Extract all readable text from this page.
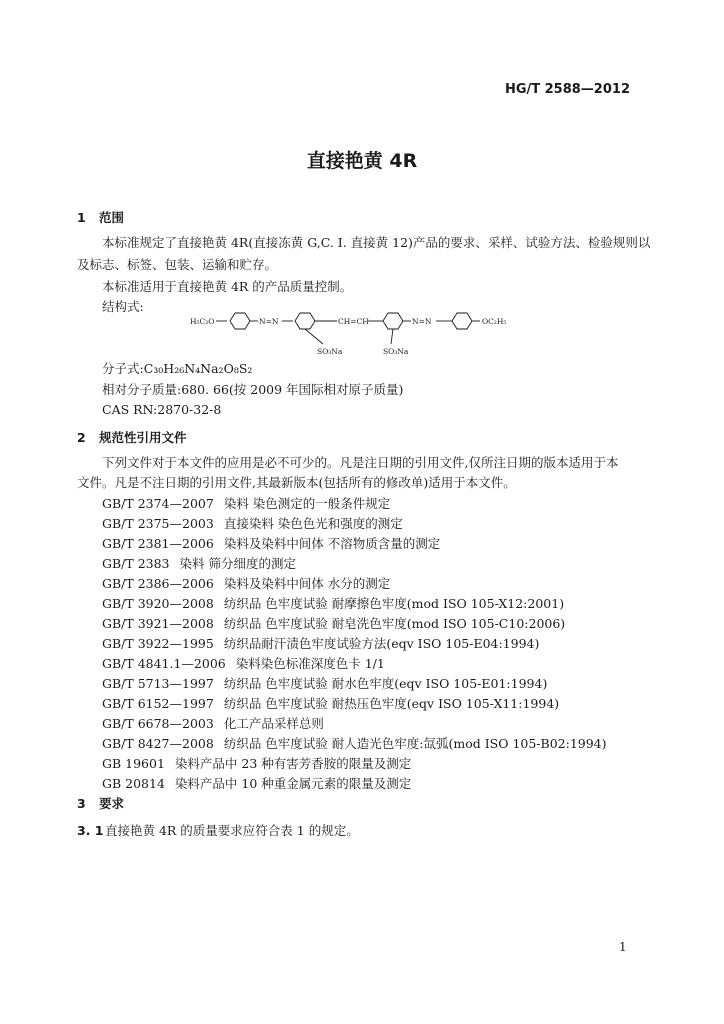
HG/T 2588—2012
直接艳黄 4R
1 范围
本标准规定了直接艳黄 4R(直接冻黄 G,C. I. 直接黄 12)产品的要求、采样、试验方法、检验规则以
及标志、标签、包装、运输和贮存。
本标准适用于直接艳黄 4R 的产品质量控制。
结构式:
H₅C₂O	N=N	CH=CH	N=N	OC₂H₅
SO₃Na	SO₃Na
分子式:C₃₀H₂₆N₄Na₂O₈S₂
相对分子质量:680. 66(按 2009 年国际相对原子质量)
CAS RN:2870-32-8
2 规范性引用文件
下列文件对于本文件的应用是必不可少的。凡是注日期的引用文件,仅所注日期的版本适用于本
文件。凡是不注日期的引用文件,其最新版本(包括所有的修改单)适用于本文件。
GB/T 2374—2007 染料 染色测定的一般条件规定
GB/T 2375—2003 直接染料 染色色光和强度的测定
GB/T 2381—2006 染料及染料中间体 不溶物质含量的测定
GB/T 2383 染料 筛分细度的测定
GB/T 2386—2006 染料及染料中间体 水分的测定
GB/T 3920—2008 纺织品 色牢度试验 耐摩擦色牢度(mod ISO 105-X12:2001)
GB/T 3921—2008 纺织品 色牢度试验 耐皂洗色牢度(mod ISO 105-C10:2006)
GB/T 3922—1995 纺织品耐汗渍色牢度试验方法(eqv ISO 105-E04:1994)
GB/T 4841.1—2006 染料染色标准深度色卡 1/1
GB/T 5713—1997 纺织品 色牢度试验 耐水色牢度(eqv ISO 105-E01:1994)
GB/T 6152—1997 纺织品 色牢度试验 耐热压色牢度(eqv ISO 105-X11:1994)
GB/T 6678—2003 化工产品采样总则
GB/T 8427—2008 纺织品 色牢度试验 耐人造光色牢度:氙弧(mod ISO 105-B02:1994)
GB 19601 染料产品中 23 种有害芳香胺的限量及测定
GB 20814 染料产品中 10 种重金属元素的限量及测定
3 要求
3. 1 直接艳黄 4R 的质量要求应符合表 1 的规定。
1
